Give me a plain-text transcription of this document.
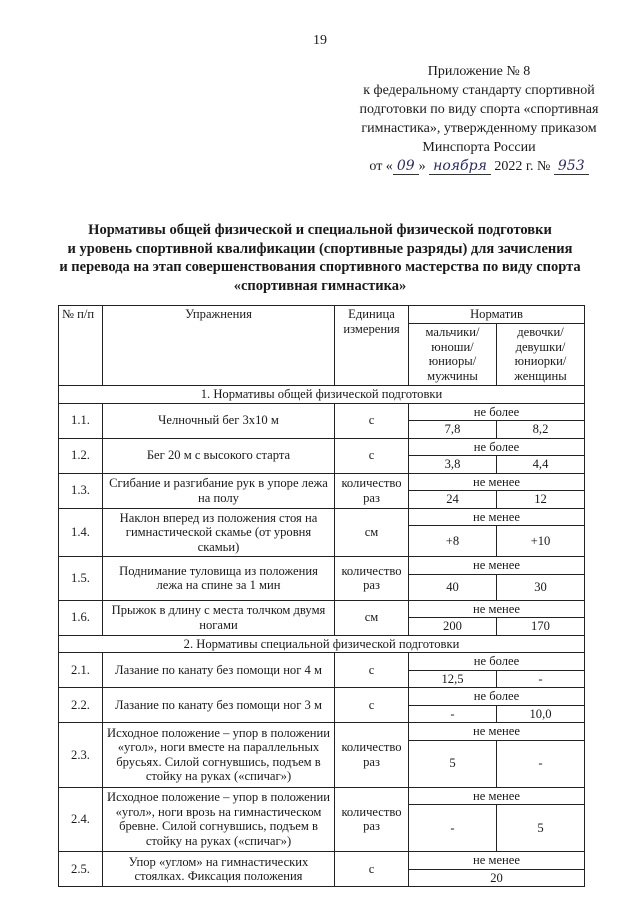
19
Приложение № 8
к федеральному стандарту спортивной
подготовки по виду спорта «спортивная
гимнастика», утвержденному приказом
Минспорта России
от « 09 » ноября 2022 г. № 953
Нормативы общей физической и специальной физической подготовки
и уровень спортивной квалификации (спортивные разряды) для зачисления
и перевода на этап совершенствования спортивного мастерства по виду спорта
«спортивная гимнастика»
№ п/п	Упражнения	Единица измерения	Норматив	
			мальчики/ юноши/ юниоры/ мужчины	девочки/ девушки/ юниорки/ женщины
1. Нормативы общей физической подготовки				
1.1.	Челночный бег 3х10 м	с	не более	
			7,8	8,2
1.2.	Бег 20 м с высокого старта	с	не более	
			3,8	4,4
1.3.	Сгибание и разгибание рук в упоре лежа на полу	количество раз	не менее	
			24	12
1.4.	Наклон вперед из положения стоя на гимнастической скамье (от уровня скамьи)	см	не менее	
			+8	+10
1.5.	Поднимание туловища из положения лежа на спине за 1 мин	количество раз	не менее	
			40	30
1.6.	Прыжок в длину с места толчком двумя ногами	см	не менее	
			200	170
2. Нормативы специальной физической подготовки				
2.1.	Лазание по канату без помощи ног 4 м	с	не более	
			12,5	-
2.2.	Лазание по канату без помощи ног 3 м	с	не более	
			-	10,0
2.3.	Исходное положение – упор в положении «угол», ноги вместе на параллельных брусьях. Силой согнувшись, подъем в стойку на руках («спичаг»)	количество раз	не менее	
			5	-
2.4.	Исходное положение – упор в положении «угол», ноги врозь на гимнастическом бревне. Силой согнувшись, подъем в стойку на руках («спичаг»)	количество раз	не менее	
			-	5
2.5.	Упор «углом» на гимнастических стоялках. Фиксация положения	с	не менее	
			20	
